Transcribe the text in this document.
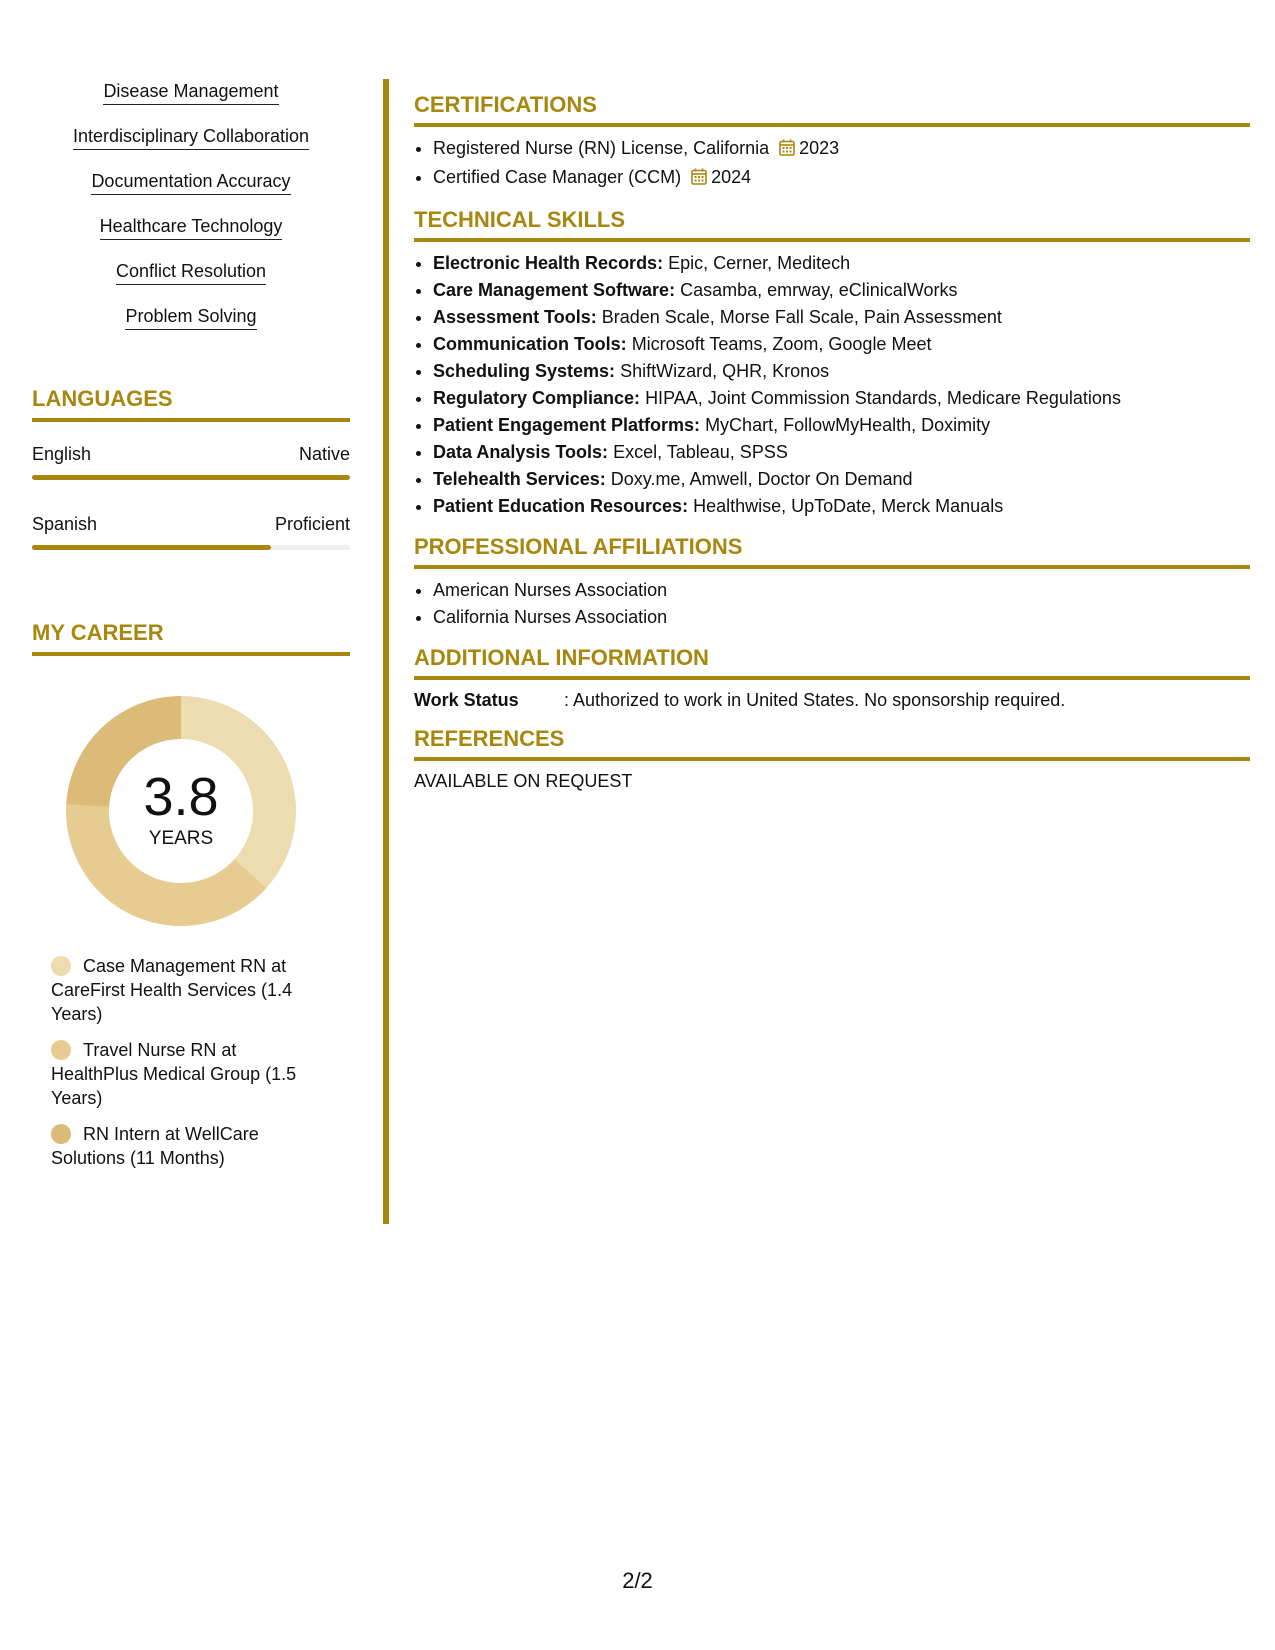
Disease Management
Interdisciplinary Collaboration
Documentation Accuracy
Healthcare Technology
Conflict Resolution
Problem Solving
LANGUAGES
English	Native
Spanish	Proficient
MY CAREER
3.8
YEARS
Case Management RN at CareFirst Health Services (1.4 Years)
Travel Nurse RN at HealthPlus Medical Group (1.5 Years)
RN Intern at WellCare Solutions (11 Months)
CERTIFICATIONS
• Registered Nurse (RN) License, California 2023
• Certified Case Manager (CCM) 2024
TECHNICAL SKILLS
• Electronic Health Records: Epic, Cerner, Meditech
• Care Management Software: Casamba, emrway, eClinicalWorks
• Assessment Tools: Braden Scale, Morse Fall Scale, Pain Assessment
• Communication Tools: Microsoft Teams, Zoom, Google Meet
• Scheduling Systems: ShiftWizard, QHR, Kronos
• Regulatory Compliance: HIPAA, Joint Commission Standards, Medicare Regulations
• Patient Engagement Platforms: MyChart, FollowMyHealth, Doximity
• Data Analysis Tools: Excel, Tableau, SPSS
• Telehealth Services: Doxy.me, Amwell, Doctor On Demand
• Patient Education Resources: Healthwise, UpToDate, Merck Manuals
PROFESSIONAL AFFILIATIONS
• American Nurses Association
• California Nurses Association
ADDITIONAL INFORMATION
Work Status	: Authorized to work in United States. No sponsorship required.
REFERENCES
AVAILABLE ON REQUEST
2/2
